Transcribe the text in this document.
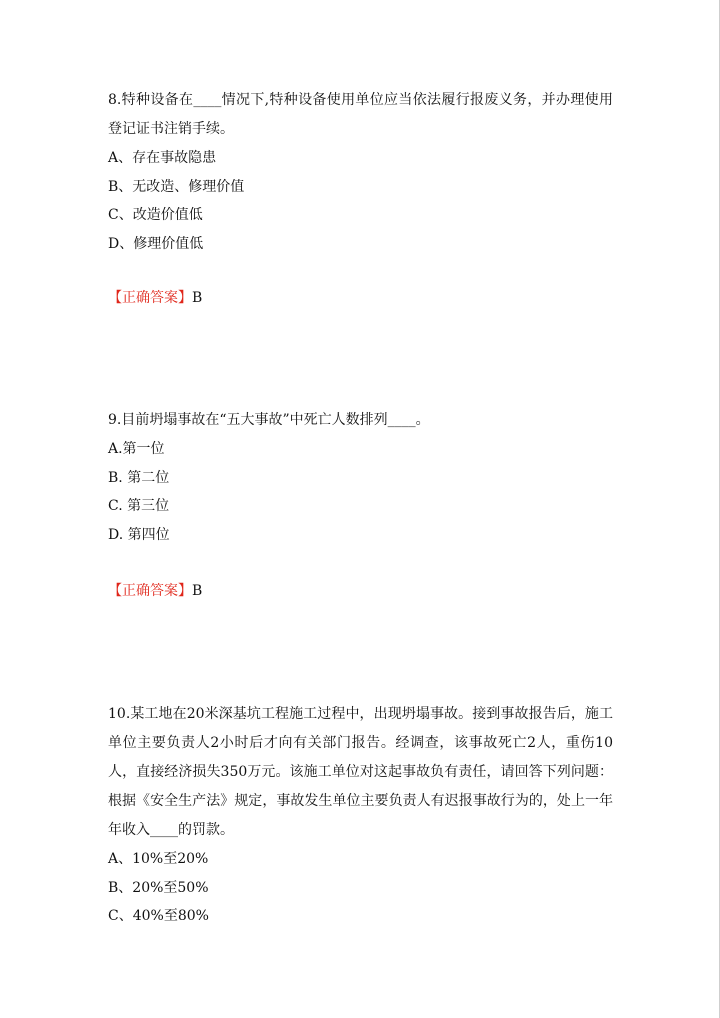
8.特种设备在____情况下,特种设备使用单位应当依法履行报废义务，并办理使用登记证书注销手续。

A、存在事故隐患

B、无改造、修理价值

C、改造价值低

D、修理价值低

【正确答案】B

9.目前坍塌事故在“五大事故”中死亡人数排列____。

A.第一位

B. 第二位

C. 第三位

D. 第四位

【正确答案】B

10.某工地在20米深基坑工程施工过程中，出现坍塌事故。接到事故报告后，施工单位主要负责人2小时后才向有关部门报告。经调查，该事故死亡2人，重伤10人，直接经济损失350万元。该施工单位对这起事故负有责任，请回答下列问题：根据《安全生产法》规定，事故发生单位主要负责人有迟报事故行为的，处上一年年收入____的罚款。

A、10%至20%

B、20%至50%

C、40%至80%
